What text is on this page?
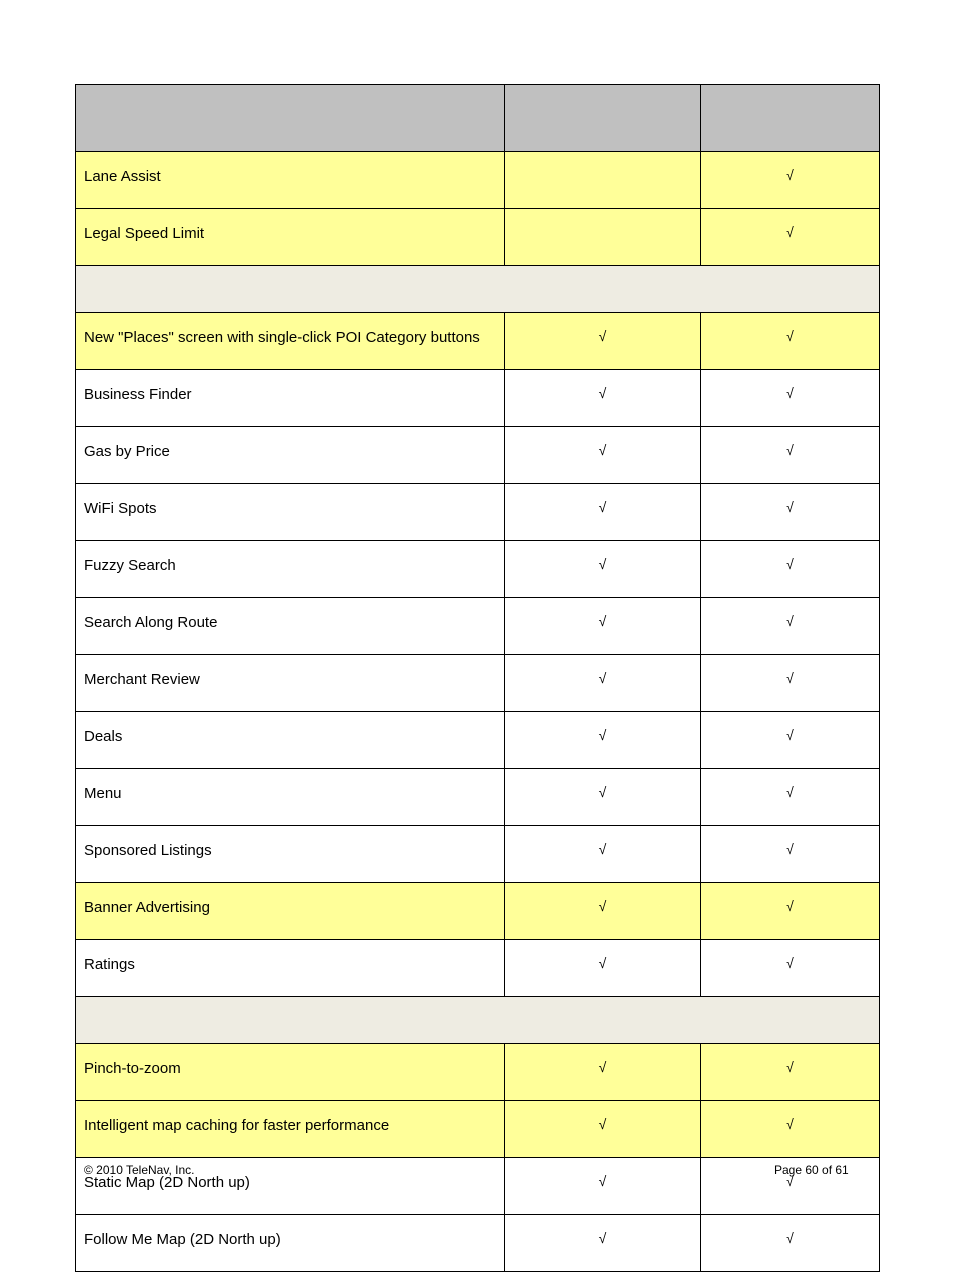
Lane Assist		√
Legal Speed Limit		√

New "Places" screen with single-click POI Category buttons	√	√
Business Finder	√	√
Gas by Price	√	√
WiFi Spots	√	√
Fuzzy Search	√	√
Search Along Route	√	√
Merchant Review	√	√
Deals	√	√
Menu	√	√
Sponsored Listings	√	√
Banner Advertising	√	√
Ratings	√	√

Pinch-to-zoom	√	√
Intelligent map caching for faster performance	√	√
Static Map (2D North up)	√	√
Follow Me Map (2D North up)	√	√
© 2010 TeleNav, Inc.	Page 60 of 61
